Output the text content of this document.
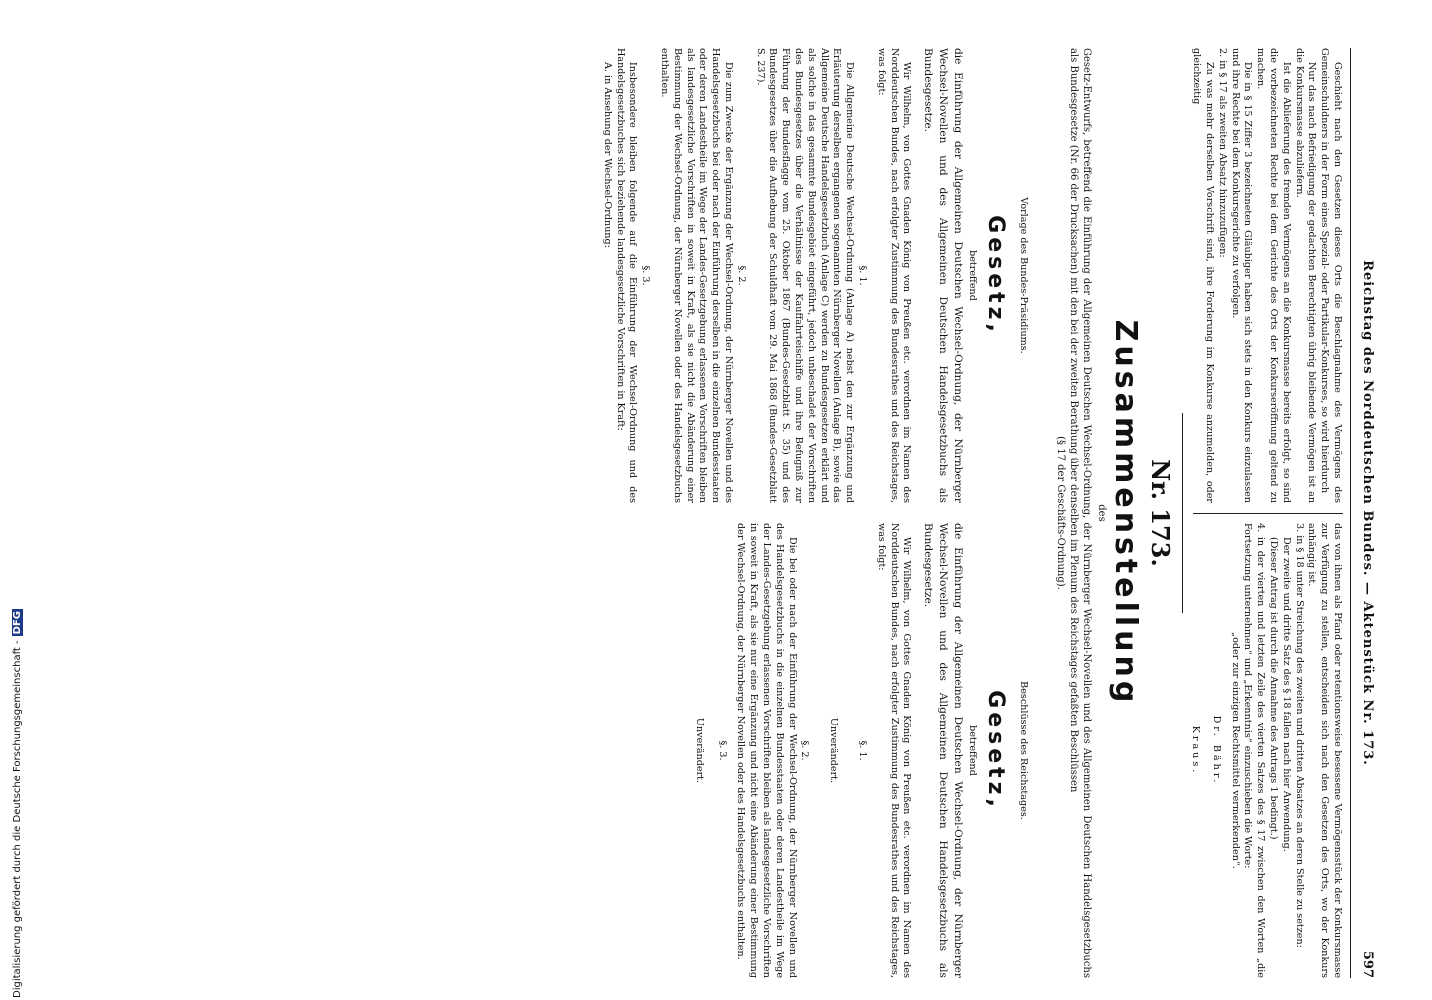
Reichstag des Norddeutschen Bundes. — Aktenstück Nr. 173.
597

Geschieht nach den Gesetzen dieses Orts die Beschlagnahme des Vermögens des Gemeinschuldners in der Form eines Spezial- oder Partikular-Konkurses, so wird hierdurch

Nur das nach Befriedigung der gedachten Berechtigten übrig bleibende Vermögen ist an die Konkursmasse abzuliefern.

Ist die Ablieferung des fremden Vermögens an die Konkursmasse bereits erfolgt, so sind die vorbezeichneten Rechte bei dem Gerichte des Orts der Konkurseröffnung geltend zu machen.

Die in § 15 Ziffer 3 bezeichneten Gläubiger haben sich stets in den Konkurs einzulassen und ihre Rechte bei dem Konkursgerichte zu verfolgen.

2. in § 17 als zweiten Absatz hinzuzufügen:

Zu was mehr derselben Vorschrift sind, ihre Forderung im Konkurse anzumelden, oder gleichzeitig

das von ihnen als Pfand oder retentionsweise besessene Vermögensstück der Konkursmasse zur Verfügung zu stellen, entscheiden sich nach den Gesetzen des Orts, wo der Konkurs anhängig ist.

3. in § 18 unter Streichung des zweiten und dritten Absatzes an deren Stelle zu setzen:

Der zweite und dritte Satz des § 18 fallen nach hier Anwendung.

(Dieser Antrag ist durch die Annahme des Antrags 1 bedingt.)

4. in der vierten und letzten Zeile des vierten Satzes des § 17 zwischen den Worten „die Fortsetzung unternehmen“ und „Erkenntnis“ einzuschieben die Worte:

„oder zur einzigen Rechtsmittel vermerkenden“.

Dr. Bähr.

Kraus.

Nr. 173.
Zusammenstellung
des
Gesetz-Entwurfs, betreffend die Einführung der Allgemeinen Deutschen Wechsel-Ordnung, der Nürnberger Wechsel-Novellen und des Allgemeinen Deutschen Handelsgesetzbuchs als Bundesgesetze (Nr. 66 der Drucksachen) mit den bei der zweiten Berathung über denselben im Plenum des Reichstages gefaßten Beschlüssen
(§ 17 der Geschäfts-Ordnung).

Vorlage des Bundes-Präsidiums.

Gesetz,

betreffend

die Einführung der Allgemeinen Deutschen Wechsel-Ordnung, der Nürnberger Wechsel-Novellen und des Allgemeinen Deutschen Handelsgesetzbuchs als Bundesgesetze.

Wir Wilhelm, von Gottes Gnaden König von Preußen etc. verordnen im Namen des Norddeutschen Bundes, nach erfolgter Zustimmung des Bundesrathes und des Reichstages, was folgt:

§. 1.

Die Allgemeine Deutsche Wechsel-Ordnung (Anlage A) nebst den zur Ergänzung und Erläuterung derselben ergangenen sogenannten Nürnberger Novellen (Anlage B), sowie das Allgemeine Deutsche Handelsgesetzbuch (Anlage C) werden zu Bundesgesetzen erklärt und als solche in das gesammte Bundesgebiet eingeführt, jedoch unbeschadet der Vorschriften des Bundesgesetzes über die Verhältnisse der Kauffahrteischiffe und ihre Befugniß zur Führung der Bundesflagge vom 25. Oktober 1867 (Bundes-Gesetzblatt S. 35) und des Bundesgesetzes über die Aufhebung der Schuldhaft vom 29. Mai 1868 (Bundes-Gesetzblatt S. 237).

§. 2.

Die zum Zwecke der Ergänzung der Wechsel-Ordnung, der Nürnberger Novellen und des Handelsgesetzbuchs bei oder nach der Einführung derselben in die einzelnen Bundesstaaten oder deren Landestheile im Wege der Landes-Gesetzgebung erlassenen Vorschriften bleiben als landesgesetzliche Vorschriften in soweit in Kraft, als sie nicht die Abänderung einer Bestimmung der Wechsel-Ordnung, der Nürnberger Novellen oder des Handelsgesetzbuchs enthalten.

§. 3.

Insbesondere bleiben folgende auf die Einführung der Wechsel-Ordnung und des Handelsgesetzbuches sich beziehende landesgesetzliche Vorschriften in Kraft:

A. in Ansehung der Wechsel-Ordnung:

Beschlüsse des Reichstages.

Gesetz,

betreffend

die Einführung der Allgemeinen Deutschen Wechsel-Ordnung, der Nürnberger Wechsel-Novellen und des Allgemeinen Deutschen Handelsgesetzbuchs als Bundesgesetze.

Wir Wilhelm, von Gottes Gnaden König von Preußen etc. verordnen im Namen des Norddeutschen Bundes, nach erfolgter Zustimmung des Bundesrathes und des Reichstages, was folgt:

§. 1.

Unverändert.

§. 2.

Die bei oder nach der Einführung der Wechsel-Ordnung, der Nürnberger Novellen und des Handelsgesetzbuchs in die einzelnen Bundesstaaten oder deren Landestheile im Wege der Landes-Gesetzgebung erlassenen Vorschriften bleiben als landesgesetzliche Vorschriften in soweit in Kraft, als sie nur eine Ergänzung und nicht eine Abänderung einer Bestimmung der Wechsel-Ordnung, der Nürnberger Novellen oder des Handelsgesetzbuchs enthalten.

§. 3.

Unverändert.

Digitalisierung gefördert durch die Deutsche Forschungsgemeinschaft -DFG
